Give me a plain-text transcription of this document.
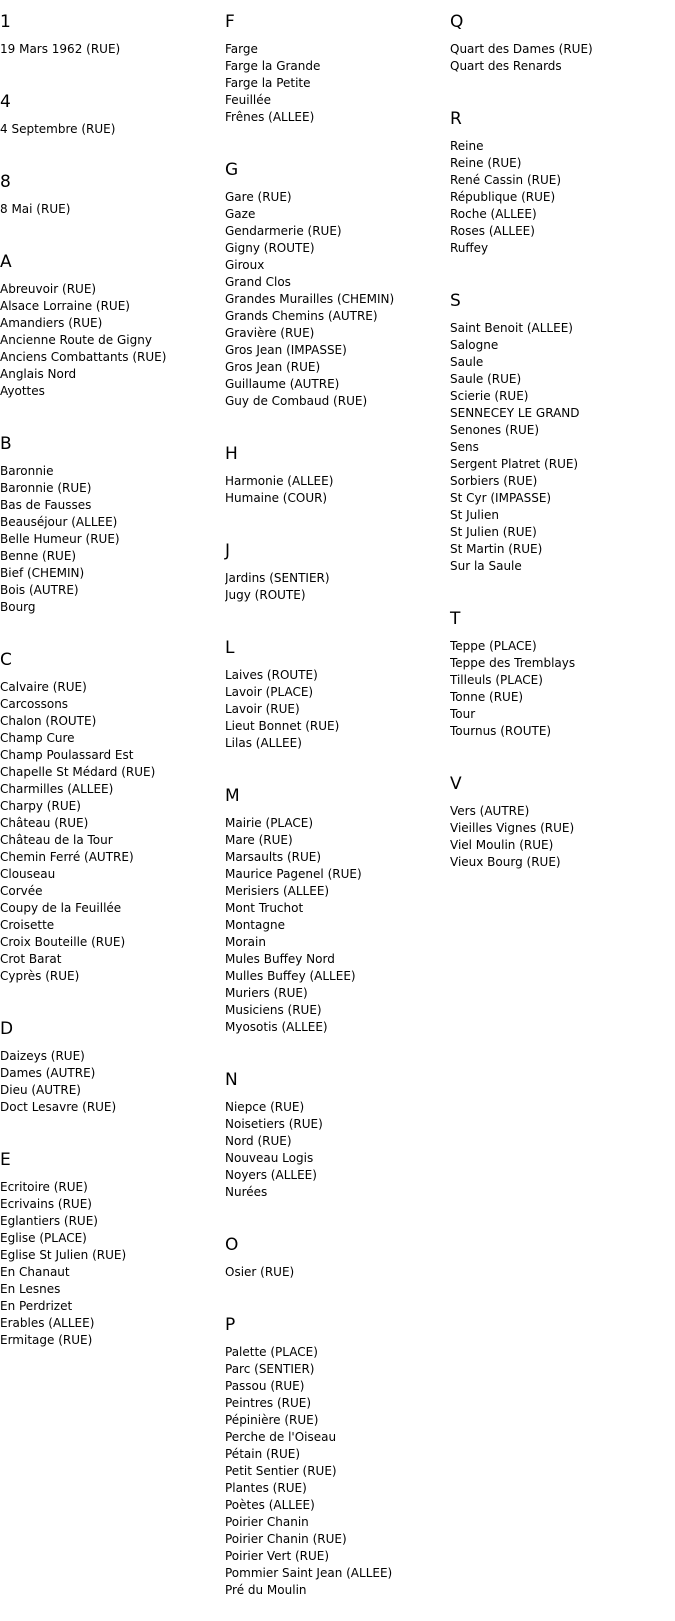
1
19 Mars 1962 (RUE)
4
4 Septembre (RUE)
8
8 Mai (RUE)
A
Abreuvoir (RUE)
Alsace Lorraine (RUE)
Amandiers (RUE)
Ancienne Route de Gigny
Anciens Combattants (RUE)
Anglais Nord
Ayottes
B
Baronnie
Baronnie (RUE)
Bas de Fausses
Beauséjour (ALLEE)
Belle Humeur (RUE)
Benne (RUE)
Bief (CHEMIN)
Bois (AUTRE)
Bourg
C
Calvaire (RUE)
Carcossons
Chalon (ROUTE)
Champ Cure
Champ Poulassard Est
Chapelle St Médard (RUE)
Charmilles (ALLEE)
Charpy (RUE)
Château (RUE)
Château de la Tour
Chemin Ferré (AUTRE)
Clouseau
Corvée
Coupy de la Feuillée
Croisette
Croix Bouteille (RUE)
Crot Barat
Cyprès (RUE)
D
Daizeys (RUE)
Dames (AUTRE)
Dieu (AUTRE)
Doct Lesavre (RUE)
E
Ecritoire (RUE)
Ecrivains (RUE)
Eglantiers (RUE)
Eglise (PLACE)
Eglise St Julien (RUE)
En Chanaut
En Lesnes
En Perdrizet
Erables (ALLEE)
Ermitage (RUE)
F
Farge
Farge la Grande
Farge la Petite
Feuillée
Frênes (ALLEE)
G
Gare (RUE)
Gaze
Gendarmerie (RUE)
Gigny (ROUTE)
Giroux
Grand Clos
Grandes Murailles (CHEMIN)
Grands Chemins (AUTRE)
Gravière (RUE)
Gros Jean (IMPASSE)
Gros Jean (RUE)
Guillaume (AUTRE)
Guy de Combaud (RUE)
H
Harmonie (ALLEE)
Humaine (COUR)
J
Jardins (SENTIER)
Jugy (ROUTE)
L
Laives (ROUTE)
Lavoir (PLACE)
Lavoir (RUE)
Lieut Bonnet (RUE)
Lilas (ALLEE)
M
Mairie (PLACE)
Mare (RUE)
Marsaults (RUE)
Maurice Pagenel (RUE)
Merisiers (ALLEE)
Mont Truchot
Montagne
Morain
Mules Buffey Nord
Mulles Buffey (ALLEE)
Muriers (RUE)
Musiciens (RUE)
Myosotis (ALLEE)
N
Niepce (RUE)
Noisetiers (RUE)
Nord (RUE)
Nouveau Logis
Noyers (ALLEE)
Nurées
O
Osier (RUE)
P
Palette (PLACE)
Parc (SENTIER)
Passou (RUE)
Peintres (RUE)
Pépinière (RUE)
Perche de l'Oiseau
Pétain (RUE)
Petit Sentier (RUE)
Plantes (RUE)
Poètes (ALLEE)
Poirier Chanin
Poirier Chanin (RUE)
Poirier Vert (RUE)
Pommier Saint Jean (ALLEE)
Pré du Moulin
Q
Quart des Dames (RUE)
Quart des Renards
R
Reine
Reine (RUE)
René Cassin (RUE)
République (RUE)
Roche (ALLEE)
Roses (ALLEE)
Ruffey
S
Saint Benoit (ALLEE)
Salogne
Saule
Saule (RUE)
Scierie (RUE)
SENNECEY LE GRAND
Senones (RUE)
Sens
Sergent Platret (RUE)
Sorbiers (RUE)
St Cyr (IMPASSE)
St Julien
St Julien (RUE)
St Martin (RUE)
Sur la Saule
T
Teppe (PLACE)
Teppe des Tremblays
Tilleuls (PLACE)
Tonne (RUE)
Tour
Tournus (ROUTE)
V
Vers (AUTRE)
Vieilles Vignes (RUE)
Viel Moulin (RUE)
Vieux Bourg (RUE)
